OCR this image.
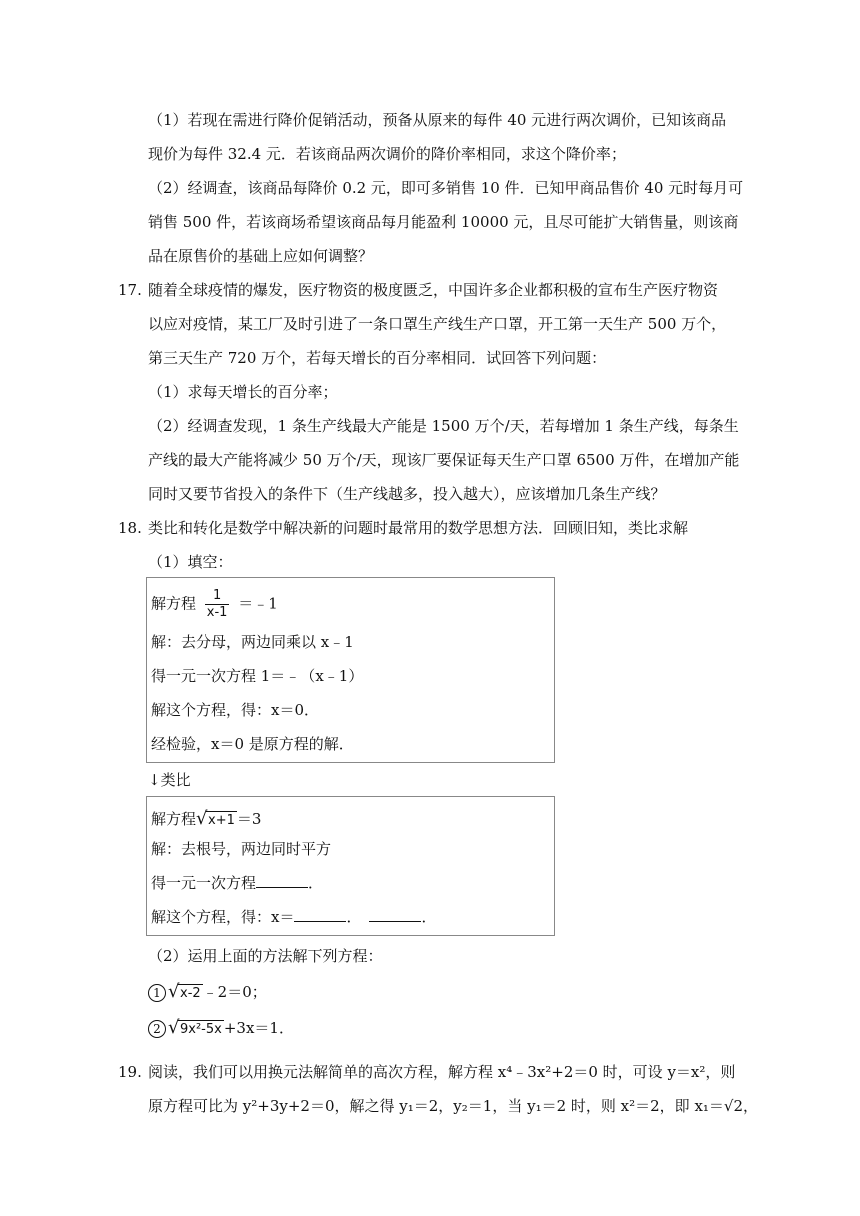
（1）若现在需进行降价促销活动，预备从原来的每件 40 元进行两次调价，已知该商品
现价为每件 32.4 元．若该商品两次调价的降价率相同，求这个降价率；
（2）经调查，该商品每降价 0.2 元，即可多销售 10 件．已知甲商品售价 40 元时每月可
销售 500 件，若该商场希望该商品每月能盈利 10000 元，且尽可能扩大销售量，则该商
品在原售价的基础上应如何调整？
17. 随着全球疫情的爆发，医疗物资的极度匮乏，中国许多企业都积极的宣布生产医疗物资
以应对疫情，某工厂及时引进了一条口罩生产线生产口罩，开工第一天生产 500 万个，
第三天生产 720 万个，若每天增长的百分率相同．试回答下列问题：
（1）求每天增长的百分率；
（2）经调查发现，1 条生产线最大产能是 1500 万个/天，若每增加 1 条生产线，每条生
产线的最大产能将减少 50 万个/天，现该厂要保证每天生产口罩 6500 万件，在增加产能
同时又要节省投入的条件下（生产线越多，投入越大），应该增加几条生产线？
18. 类比和转化是数学中解决新的问题时最常用的数学思想方法．回顾旧知，类比求解
（1）填空：
解方程 $\frac{1}{x-1}$ ＝﹣1
解：去分母，两边同乘以 x﹣1
得一元一次方程 1＝﹣（x﹣1）
解这个方程，得：x＝0．
经检验，x＝0 是原方程的解．
↓类比
解方程 √ x+1 ＝3
解：去根号，两边同时平方
得一元一次方程	．
解这个方程，得：x＝	．	．
（2）运用上面的方法解下列方程：
1 √ x-2 ﹣2＝0；
2 √ 9x²-5x +3x＝1．
19. 阅读，我们可以用换元法解简单的高次方程，解方程 x⁴﹣3x²+2＝0 时，可设 y＝x²，则
原方程可比为 y²+3y+2＝0，解之得 y₁＝2，y₂＝1，当 y₁＝2 时，则 x²＝2，即 x₁＝√2，
